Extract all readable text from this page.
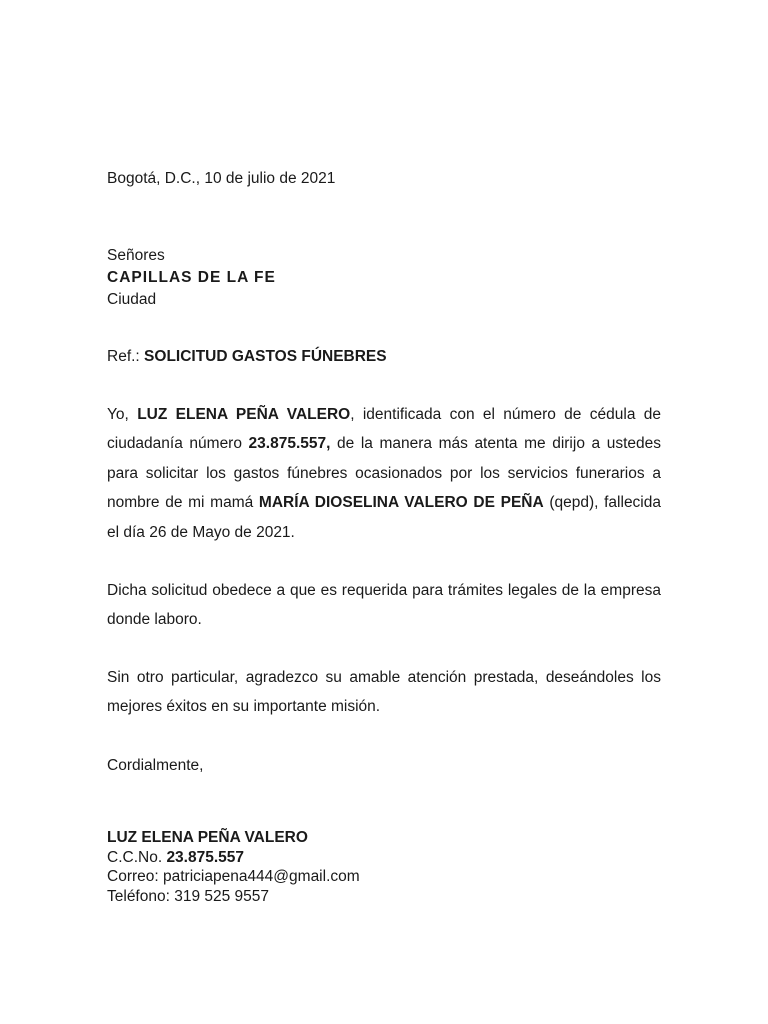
Bogotá, D.C., 10 de julio de 2021
Señores
CAPILLAS DE LA FE
Ciudad
Ref.: SOLICITUD GASTOS FÚNEBRES
Yo, LUZ ELENA PEÑA VALERO, identificada con el número de cédula de ciudadanía número 23.875.557, de la manera más atenta me dirijo a ustedes para solicitar los gastos fúnebres ocasionados por los servicios funerarios a nombre de mi mamá MARÍA DIOSELINA VALERO DE PEÑA (qepd), fallecida el día 26 de Mayo de 2021.
Dicha solicitud obedece a que es requerida para trámites legales de la empresa donde laboro.
Sin otro particular, agradezco su amable atención prestada, deseándoles los mejores éxitos en su importante misión.
Cordialmente,
LUZ ELENA PEÑA VALERO
C.C.No. 23.875.557
Correo: patriciapena444@gmail.com
Teléfono: 319 525 9557
